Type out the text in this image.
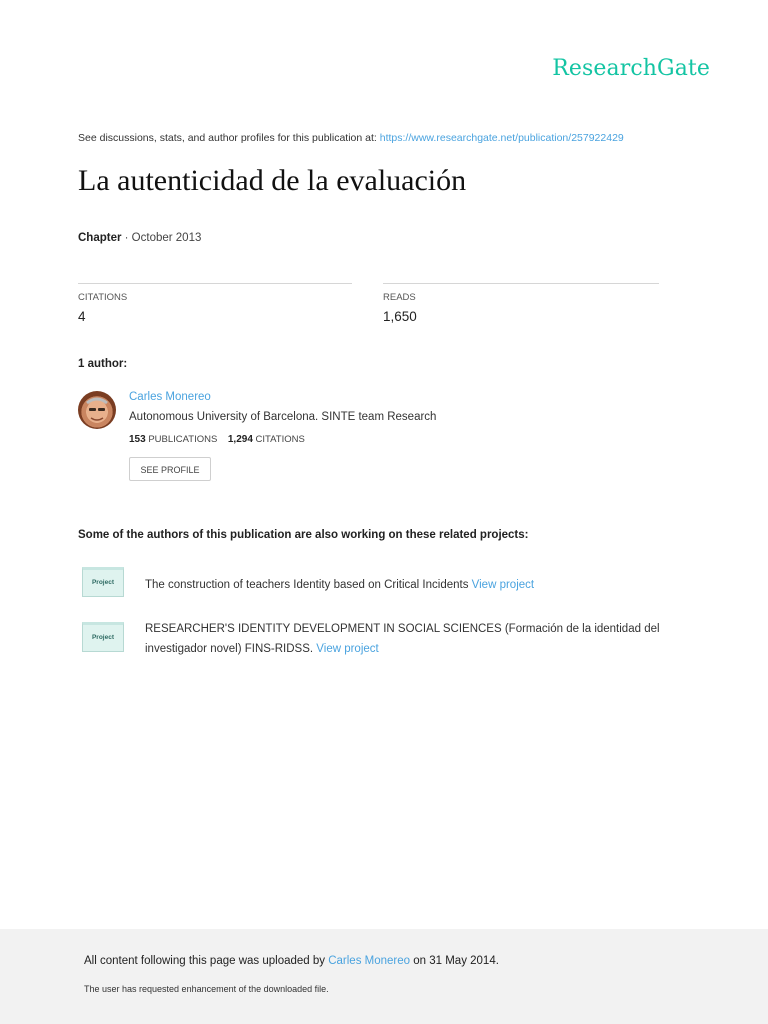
ResearchGate
See discussions, stats, and author profiles for this publication at: https://www.researchgate.net/publication/257922429
La autenticidad de la evaluación
Chapter · October 2013
CITATIONS
4
READS
1,650
1 author:
Carles Monereo
Autonomous University of Barcelona. SINTE team Research
153 PUBLICATIONS 1,294 CITATIONS
SEE PROFILE
Some of the authors of this publication are also working on these related projects:
Project	The construction of teachers Identity based on Critical Incidents View project
Project
RESEARCHER'S IDENTITY DEVELOPMENT IN SOCIAL SCIENCES (Formación de la identidad del investigador novel) FINS-RIDSS. View project
All content following this page was uploaded by Carles Monereo on 31 May 2014.
The user has requested enhancement of the downloaded file.
